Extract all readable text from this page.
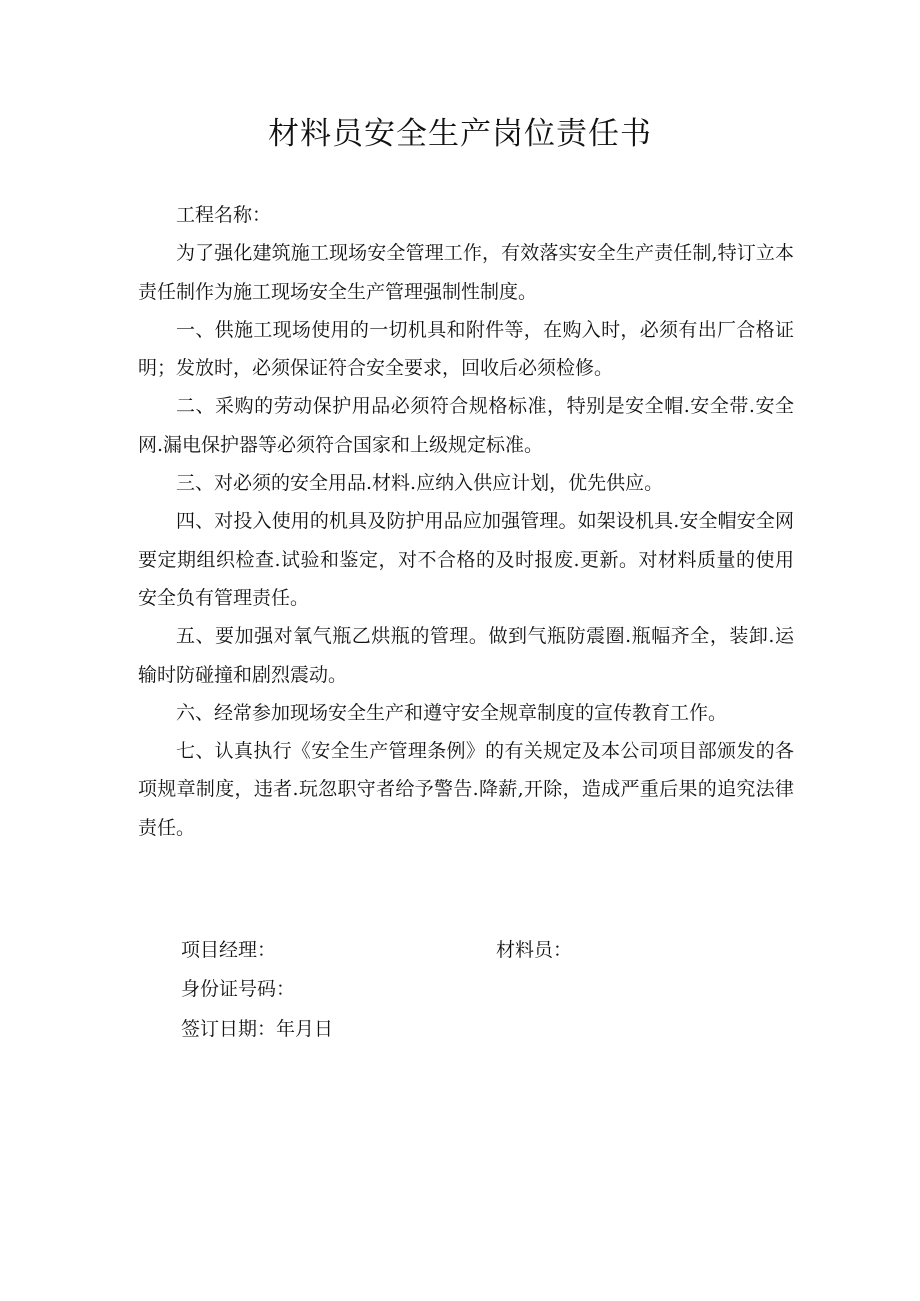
材料员安全生产岗位责任书

工程名称：

为了强化建筑施工现场安全管理工作，有效落实安全生产责任制,特订立本责任制作为施工现场安全生产管理强制性制度。

一、供施工现场使用的一切机具和附件等，在购入时，必须有出厂合格证明；发放时，必须保证符合安全要求，回收后必须检修。

二、采购的劳动保护用品必须符合规格标准，特别是安全帽.安全带.安全网.漏电保护器等必须符合国家和上级规定标准。

三、对必须的安全用品.材料.应纳入供应计划，优先供应。

四、对投入使用的机具及防护用品应加强管理。如架设机具.安全帽安全网要定期组织检查.试验和鉴定，对不合格的及时报废.更新。对材料质量的使用安全负有管理责任。

五、要加强对氧气瓶乙烘瓶的管理。做到气瓶防震圈.瓶幅齐全，装卸.运输时防碰撞和剧烈震动。

六、经常参加现场安全生产和遵守安全规章制度的宣传教育工作。

七、认真执行《安全生产管理条例》的有关规定及本公司项目部颁发的各项规章制度，违者.玩忽职守者给予警告.降薪,开除，造成严重后果的追究法律责任。

项目经理：	材料员：
身份证号码：
签订日期：年月日
